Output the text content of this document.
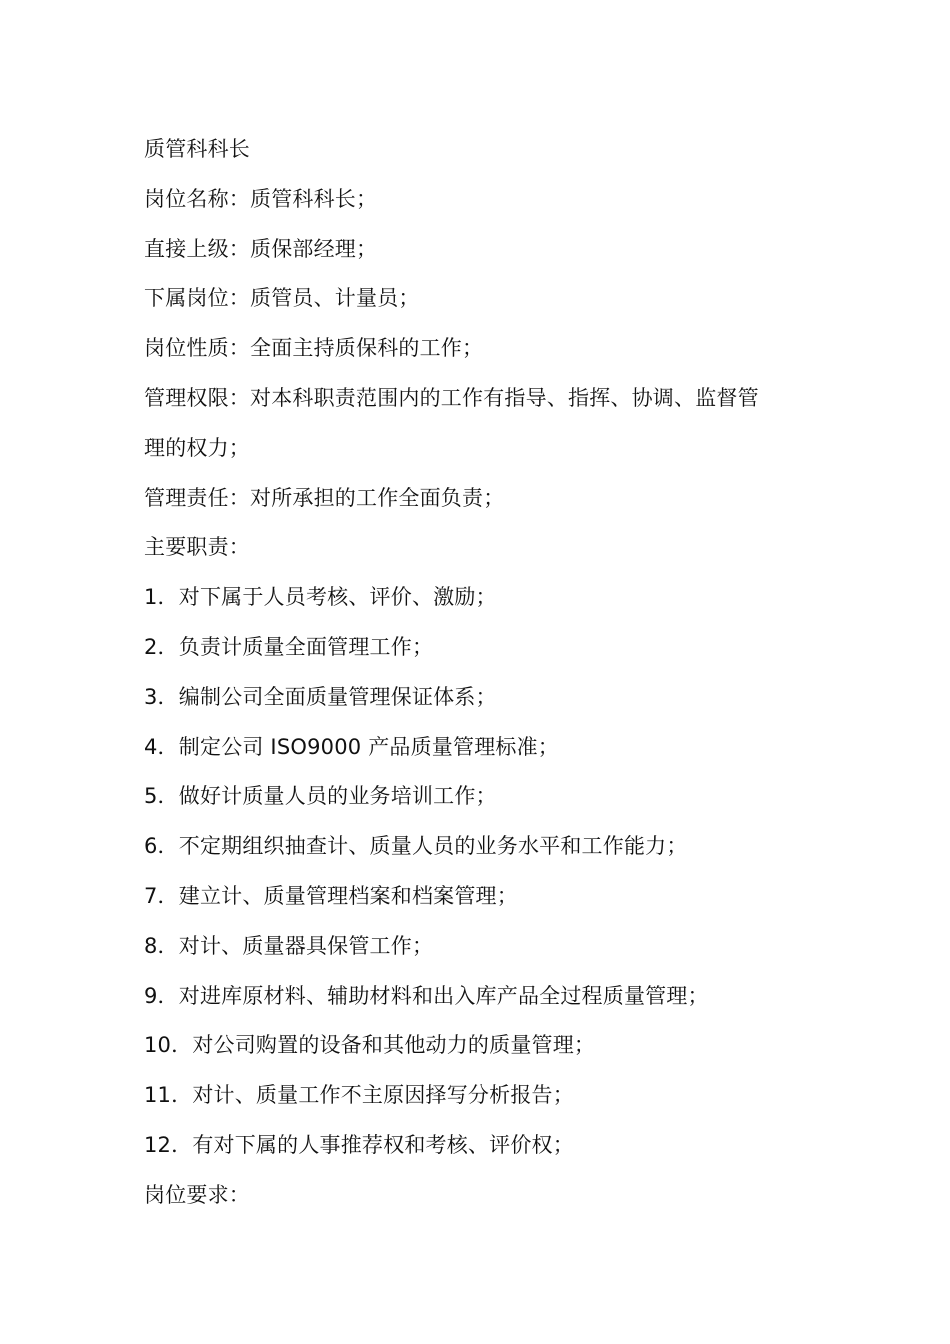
质管科科长
岗位名称：质管科科长；
直接上级：质保部经理；
下属岗位：质管员、计量员；
岗位性质：全面主持质保科的工作；
管理权限：对本科职责范围内的工作有指导、指挥、协调、监督管
理的权力；
管理责任：对所承担的工作全面负责；
主要职责：
1．对下属于人员考核、评价、激励；
2．负责计质量全面管理工作；
3．编制公司全面质量管理保证体系；
4．制定公司 ISO9000 产品质量管理标准；
5．做好计质量人员的业务培训工作；
6．不定期组织抽查计、质量人员的业务水平和工作能力；
7．建立计、质量管理档案和档案管理；
8．对计、质量器具保管工作；
9．对进库原材料、辅助材料和出入库产品全过程质量管理；
10．对公司购置的设备和其他动力的质量管理；
11．对计、质量工作不主原因择写分析报告；
12．有对下属的人事推荐权和考核、评价权；
岗位要求：
